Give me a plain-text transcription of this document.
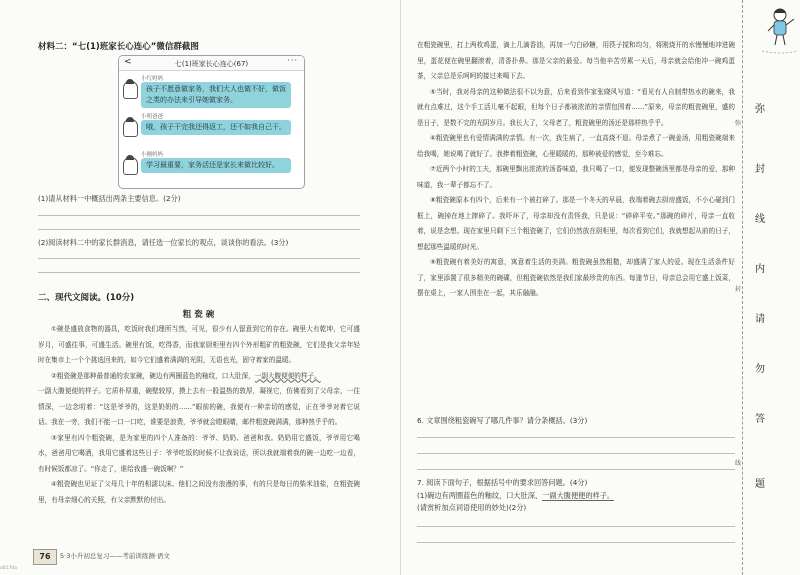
材料二：“七(1)班家长心连心”微信群截图
<	七(1)班家长心连心(67)	···
小红妈妈
孩子不愿意做家务，我们大人也做不好，做饭之类的办法来引导她做家务。
小明爸爸
哦，孩子干完我还得返工，还不如我自己干。
小刚妈妈
学习最重要，家务活还是家长来做比较好。
(1)请从材料一中概括出两条主要信息。(2分)
(2)阅读材料二中的家长群消息，请任选一位家长的观点，谈谈你的看法。(3分)
二、现代文阅读。(10分)
粗瓷碗

①碗是盛放食物的器具，吃饭时我们理所当然，可见，很少有人留意到它的存在。碗里大有乾坤，它可盛岁月，可盛往事，可盛生活。碗里有饭，吃得香，而我家厨柜里有四个外形粗矿的粗瓷碗，它们是我父亲年轻时在集市上一个个挑选回来的，如今它们盛着满满的光阴，无语也光，固守着家的温暖。

②粗瓷碗是那种最普通的农家碗，碗边有两圈蓝色的釉纹，口大肚深，一副大腹便便的样子。

一副大腹便便的样子。它质朴厚重，碗壁较厚，摸上去有一股温热的敦厚，凝视它，仿佛看到了父母亲，一往情深，一边念叨着：“这是爷爷的，这是奶奶的……”眼前的碗，我便有一种亲切的感觉，正在爷爷对着它说话。我在一旁，我们不能一口一口吃，谁要是浪费，爷爷就会瞪眼睛，邮件粗瓷碗满满，那种热乎乎的。

③家里有四个粗瓷碗，是为家里的四个人准备的：爷爷、奶奶、爸爸和我。奶奶用它盛饭，爷爷用它喝水，爸爸用它喝酒，我用它盛着这些日子：爷爷吃饭的时候不让我说话，所以我就端着我的碗一边吃一边看，有时候饭都凉了。“你走了，谁给我盛一碗饭啊？”

④粗瓷碗也见证了父母几十年的相濡以沫。他们之间没有浪漫的事，有的只是每日的柴米油盐，在粗瓷碗里，有母亲细心的关照，有父亲默默的付出。

76	5·3小升初总复习——考前训练测·语文
a0170a

在粗瓷碗里，打上两枚鸡蛋，滴上几滴香油，再加一勺白砂糖，用筷子搅和均匀，将刚烧开的水慢慢地冲进碗里，蛋花便在碗里翻滚着，清香扑鼻。那是父亲的最爱。每当他辛苦劳累一天后，母亲就会给他冲一碗鸡蛋茶，父亲总是乐呵呵的接过来喝下去。

⑤当时，我对母亲的这种做法很不以为意，后来看到作家张晓风写道：“看见有人自制带热水的碗来，我就有点难过，这个手工活儿毫不起眼，但每个日子都被浓浓的亲情包围着……”原来，母亲的粗瓷碗里，盛的是日子，是数不完的光阴岁月。我长大了，父母老了，粗瓷碗里的汤还是那样热乎乎。

⑥粗瓷碗里也有爱情满满的亲情。有一次，我生病了，一直高烧不退。母亲煮了一碗姜汤，用粗瓷碗端来给我喝，她说喝了就好了。我捧着粗瓷碗，心里暖暖的，那种被爱的感觉，至今难忘。

⑦近两个小时的工夫，那碗里飘出浓浓的汤香味道，我只喝了一口，便发现整碗汤里都是母亲的爱，那种味道，我一辈子都忘不了。

⑧粗瓷碗原本有四个，后来有一个被打碎了。那是一个冬天的早晨，我端着碗去厨房盛饭，不小心碰到门框上，碗掉在地上摔碎了。我吓坏了，母亲却没有责怪我，只是说：“碎碎平安。”那碗的碎片，母亲一直收着，说是念想。现在家里只剩下三个粗瓷碗了，它们仍然放在厨柜里，每次看到它们，我就想起从前的日子，想起那些温暖的时光。

⑨粗瓷碗有着美好的寓意，寓意着生活的美满。粗瓷碗虽然粗糙，却盛满了家人的爱。现在生活条件好了，家里添置了很多精美的碗碟，但粗瓷碗依然是我们家最珍贵的东西。每逢节日，母亲总会用它盛上饭菜，摆在桌上，一家人围坐在一起，其乐融融。

6. 文章围绕粗瓷碗写了哪几件事？请分条概括。(3分)
7. 阅读下面句子，根据括号中的要求回答问题。(4分)
(1)碗边有两圈蓝色的釉纹，口大肚深，一副大腹便便的样子。
(请赏析加点词语使用的妙处)(2分)
弥
封
线
内
请
勿
答
题
弥
封
线
